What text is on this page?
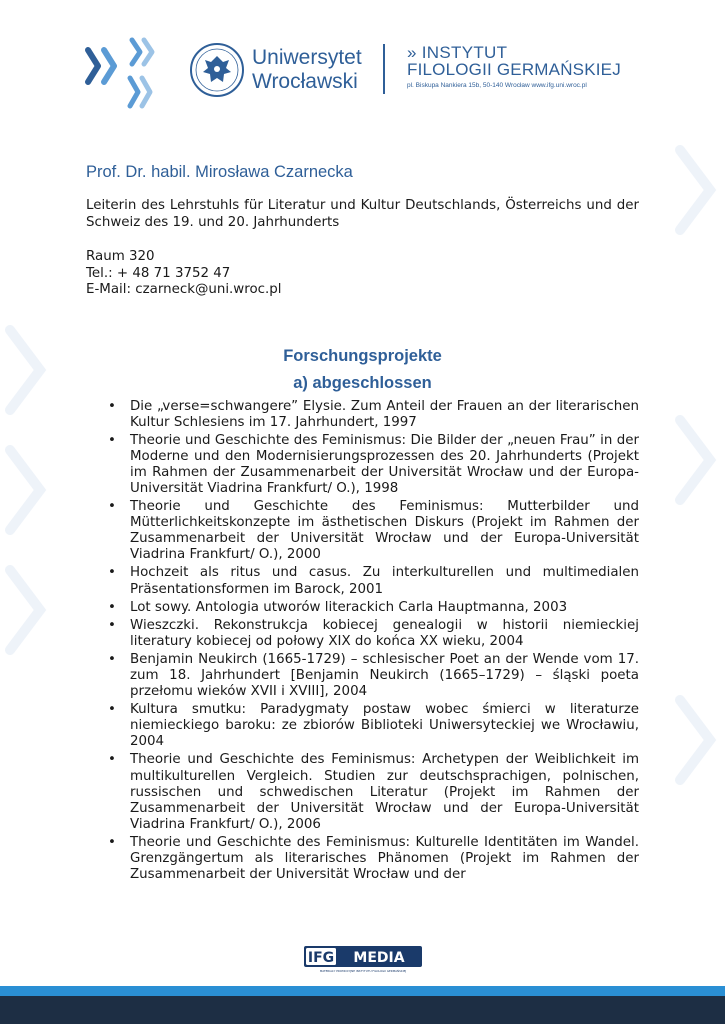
Uniwersytet
Wrocławski
» INSTYTUT
FILOLOGII GERMAŃSKIEJ
pl. Biskupa Nankiera 15b, 50-140 Wrocław www.ifg.uni.wroc.pl

Prof. Dr. habil. Mirosława Czarnecka

Leiterin des Lehrstuhls für Literatur und Kultur Deutschlands, Österreichs und der Schweiz des 19. und 20. Jahrhunderts

Raum 320

Tel.: + 48 71 3752 47

E-Mail: czarneck@uni.wroc.pl

Forschungsprojekte
a) abgeschlossen
• Die „verse=schwangere” Elysie. Zum Anteil der Frauen an der literarischen Kultur Schlesiens im 17. Jahrhundert, 1997
• Theorie und Geschichte des Feminismus: Die Bilder der „neuen Frau” in der Moderne und den Modernisierungsprozessen des 20. Jahrhunderts (Projekt im Rahmen der Zusammenarbeit der Universität Wrocław und der Europa-Universität Viadrina Frankfurt/ O.), 1998
• Theorie und Geschichte des Feminismus: Mutterbilder und Mütterlichkeitskonzepte im ästhetischen Diskurs (Projekt im Rahmen der Zusammenarbeit der Universität Wrocław und der Europa-Universität Viadrina Frankfurt/ O.), 2000
• Hochzeit als ritus und casus. Zu interkulturellen und multimedialen Präsentationsformen im Barock, 2001
• Lot sowy. Antologia utworów literackich Carla Hauptmanna, 2003
• Wieszczki. Rekonstrukcja kobiecej genealogii w historii niemieckiej literatury kobiecej od połowy XIX do końca XX wieku, 2004
• Benjamin Neukirch (1665-1729) – schlesischer Poet an der Wende vom 17. zum 18. Jahrhundert [Benjamin Neukirch (1665–1729) – śląski poeta przełomu wieków XVII i XVIII], 2004
• Kultura smutku: Paradygmaty postaw wobec śmierci w literaturze niemieckiego baroku: ze zbiorów Biblioteki Uniwersyteckiej we Wrocławiu, 2004
• Theorie und Geschichte des Feminismus: Archetypen der Weiblichkeit im multikulturellen Vergleich. Studien zur deutschsprachigen, polnischen, russischen und schwedischen Literatur (Projekt im Rahmen der Zusammenarbeit der Universität Wrocław und der Europa-Universität Viadrina Frankfurt/ O.), 2006
• Theorie und Geschichte des Feminismus: Kulturelle Identitäten im Wandel. Grenzgängertum als literarisches Phänomen (Projekt im Rahmen der Zusammenarbeit der Universität Wrocław und der
IFG MEDIA
MATERIAŁY PROMOCYJNE INSTYTUTU FILOLOGII GERMAŃSKIEJ
